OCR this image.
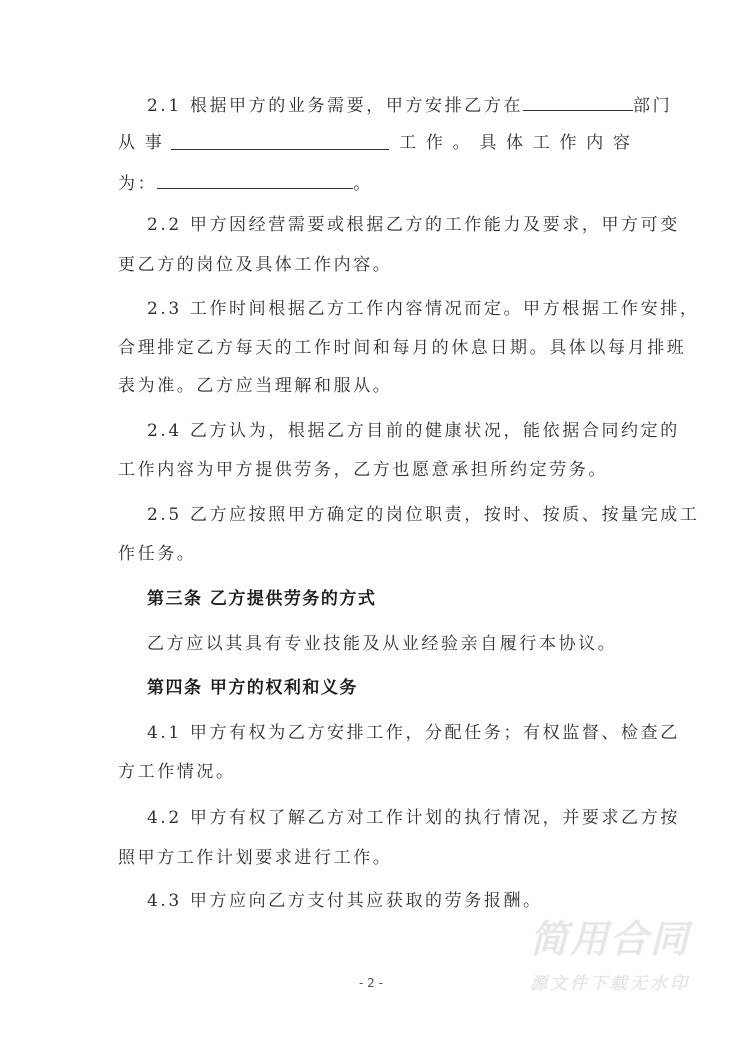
2.1 根据甲方的业务需要，甲方安排乙方在	部门
从 事	工 作 。 具 体 工 作 内 容
为：	。
2.2 甲方因经营需要或根据乙方的工作能力及要求，甲方可变
更乙方的岗位及具体工作内容。
2.3 工作时间根据乙方工作内容情况而定。甲方根据工作安排，
合理排定乙方每天的工作时间和每月的休息日期。具体以每月排班
表为准。乙方应当理解和服从。
2.4 乙方认为，根据乙方目前的健康状况，能依据合同约定的
工作内容为甲方提供劳务，乙方也愿意承担所约定劳务。
2.5 乙方应按照甲方确定的岗位职责，按时、按质、按量完成工
作任务。
第三条 乙方提供劳务的方式
乙方应以其具有专业技能及从业经验亲自履行本协议。
第四条 甲方的权利和义务
4.1 甲方有权为乙方安排工作，分配任务；有权监督、检查乙
方工作情况。
4.2 甲方有权了解乙方对工作计划的执行情况，并要求乙方按
照甲方工作计划要求进行工作。
4.3 甲方应向乙方支付其应获取的劳务报酬。
简用合同
源文件下载无水印
- 2 -
